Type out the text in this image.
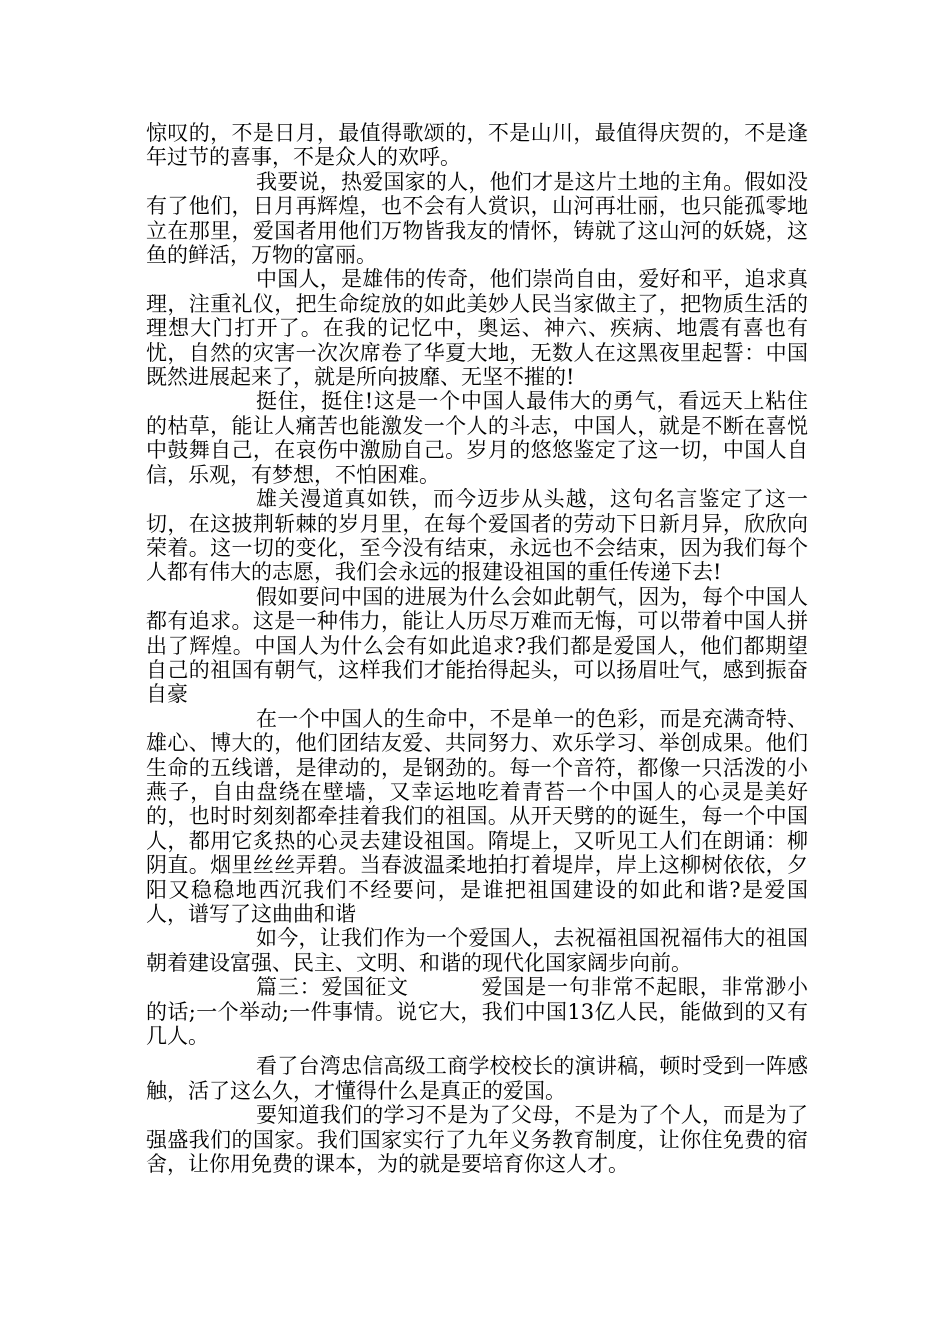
惊叹的，不是日月，最值得歌颂的，不是山川，最值得庆贺的，不是逢年过节的喜事，不是众人的欢呼。

我要说，热爱国家的人，他们才是这片土地的主角。假如没有了他们，日月再辉煌，也不会有人赏识，山河再壮丽，也只能孤零地立在那里，爱国者用他们万物皆我友的情怀，铸就了这山河的妖娆，这鱼的鲜活，万物的富丽。

中国人，是雄伟的传奇，他们崇尚自由，爱好和平，追求真理，注重礼仪，把生命绽放的如此美妙人民当家做主了，把物质生活的理想大门打开了。在我的记忆中，奥运、神六、疾病、地震有喜也有忧，自然的灾害一次次席卷了华夏大地，无数人在这黑夜里起誓：中国既然进展起来了，就是所向披靡、无坚不摧的!

挺住，挺住!这是一个中国人最伟大的勇气，看远天上粘住的枯草，能让人痛苦也能激发一个人的斗志，中国人，就是不断在喜悦中鼓舞自己，在哀伤中激励自己。岁月的悠悠鉴定了这一切，中国人自信，乐观，有梦想，不怕困难。

雄关漫道真如铁，而今迈步从头越，这句名言鉴定了这一切，在这披荆斩棘的岁月里，在每个爱国者的劳动下日新月异，欣欣向荣着。这一切的变化，至今没有结束，永远也不会结束，因为我们每个人都有伟大的志愿，我们会永远的报建设祖国的重任传递下去!

假如要问中国的进展为什么会如此朝气，因为，每个中国人都有追求。这是一种伟力，能让人历尽万难而无悔，可以带着中国人拼出了辉煌。中国人为什么会有如此追求?我们都是爱国人，他们都期望自己的祖国有朝气，这样我们才能抬得起头，可以扬眉吐气，感到振奋自豪

在一个中国人的生命中，不是单一的色彩，而是充满奇特、雄心、博大的，他们团结友爱、共同努力、欢乐学习、举创成果。他们生命的五线谱，是律动的，是钢劲的。每一个音符，都像一只活泼的小燕子，自由盘绕在壁墙，又幸运地吃着青苔一个中国人的心灵是美好的，也时时刻刻都牵挂着我们的祖国。从开天劈的的诞生，每一个中国人，都用它炙热的心灵去建设祖国。隋堤上，又听见工人们在朗诵：柳阴直。烟里丝丝弄碧。当春波温柔地拍打着堤岸，岸上这柳树依依，夕阳又稳稳地西沉我们不经要问，是谁把祖国建设的如此和谐?是爱国人，谱写了这曲曲和谐

如今，让我们作为一个爱国人，去祝福祖国祝福伟大的祖国朝着建设富强、民主、文明、和谐的现代化国家阔步向前。

篇三：爱国征文	爱国是一句非常不起眼，非常渺小的话;一个举动;一件事情。说它大，我们中国13亿人民，能做到的又有几人。

看了台湾忠信高级工商学校校长的演讲稿，顿时受到一阵感触，活了这么久，才懂得什么是真正的爱国。

要知道我们的学习不是为了父母，不是为了个人，而是为了强盛我们的国家。我们国家实行了九年义务教育制度，让你住免费的宿舍，让你用免费的课本，为的就是要培育你这人才。
